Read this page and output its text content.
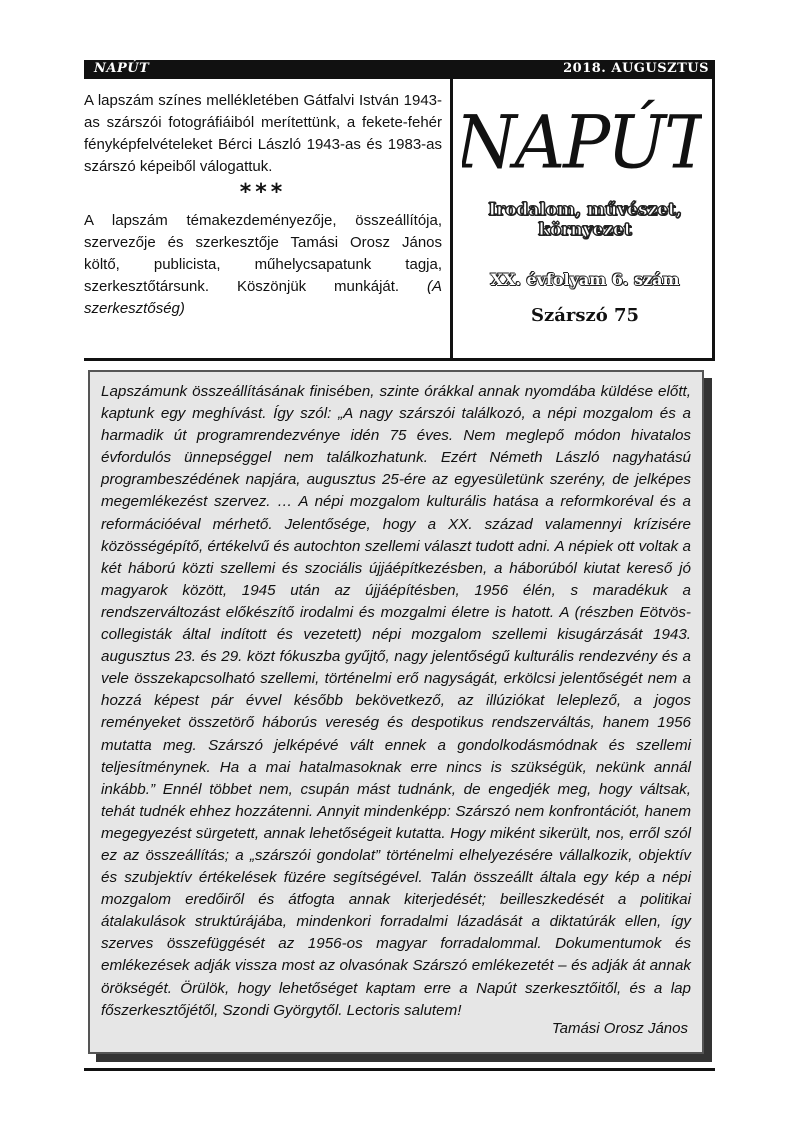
NAPÚT	2018. AUGUSZTUS

A lapszám színes mellékletében Gátfalvi István 1943-as szárszói fotográfiáiból merítettünk, a fekete-fehér fényképfelvételeket Bérci László 1943-as és 1983-as szárszó képeiből válogattuk.

***

A lapszám témakezdeményezője, összeállítója, szervezője és szerkesztője Tamási Orosz János költő, publicista, műhelycsapatunk tagja, szerkesztőtársunk. Köszönjük munkáját. (A szerkesztőség)

NAPÚT
Irodalom, művészet, környezet
XX. évfolyam 6. szám
Szárszó 75

Lapszámunk összeállításának finisében, szinte órákkal annak nyomdába küldése előtt, kaptunk egy meghívást. Így szól: „A nagy szárszói találkozó, a népi mozgalom és a harmadik út programrendezvénye idén 75 éves. Nem meglepő módon hivatalos évfordulós ünnepséggel nem találkozhatunk. Ezért Németh László nagyhatású programbeszédének napjára, augusztus 25-ére az egyesületünk szerény, de jelképes megemlékezést szervez. … A népi mozgalom kulturális hatása a reformkoréval és a reformációéval mérhető. Jelentősége, hogy a XX. század valamennyi krízisére közösségépítő, értékelvű és autochton szellemi választ tudott adni. A népiek ott voltak a két háború közti szellemi és szociális újjáépítkezésben, a háborúból kiutat kereső jó magyarok között, 1945 után az újjáépítésben, 1956 élén, s maradékuk a rendszerváltozást előkészítő irodalmi és mozgalmi életre is hatott. A (részben Eötvös-collegisták által indított és vezetett) népi mozgalom szellemi kisugárzását 1943. augusztus 23. és 29. közt fókuszba gyűjtő, nagy jelentőségű kulturális rendezvény és a vele összekapcsolható szellemi, történelmi erő nagyságát, erkölcsi jelentőségét nem a hozzá képest pár évvel később bekövetkező, az illúziókat leleplező, a jogos reményeket összetörő háborús vereség és despotikus rendszerváltás, hanem 1956 mutatta meg. Szárszó jelképévé vált ennek a gondolkodásmódnak és szellemi teljesítménynek. Ha a mai hatalmasoknak erre nincs is szükségük, nekünk annál inkább.” Ennél többet nem, csupán mást tudnánk, de engedjék meg, hogy váltsak, tehát tudnék ehhez hozzátenni. Annyit mindenképp: Szárszó nem konfrontációt, hanem megegyezést sürgetett, annak lehetőségeit kutatta. Hogy miként sikerült, nos, erről szól ez az összeállítás; a „szárszói gondolat” történelmi elhelyezésére vállalkozik, objektív és szubjektív értékelések füzére segítségével. Talán összeállt általa egy kép a népi mozgalom eredőiről és átfogta annak kiterjedését; beilleszkedését a politikai átalakulások struktúrájába, mindenkori forradalmi lázadását a diktatúrák ellen, így szerves összefüggését az 1956-os magyar forradalommal. Dokumentumok és emlékezések adják vissza most az olvasónak Szárszó emlékezetét – és adják át annak örökségét. Örülök, hogy lehetőséget kaptam erre a Napút szerkesztőitől, és a lap főszerkesztőjétől, Szondi Györgytől. Lectoris salutem!

Tamási Orosz János
